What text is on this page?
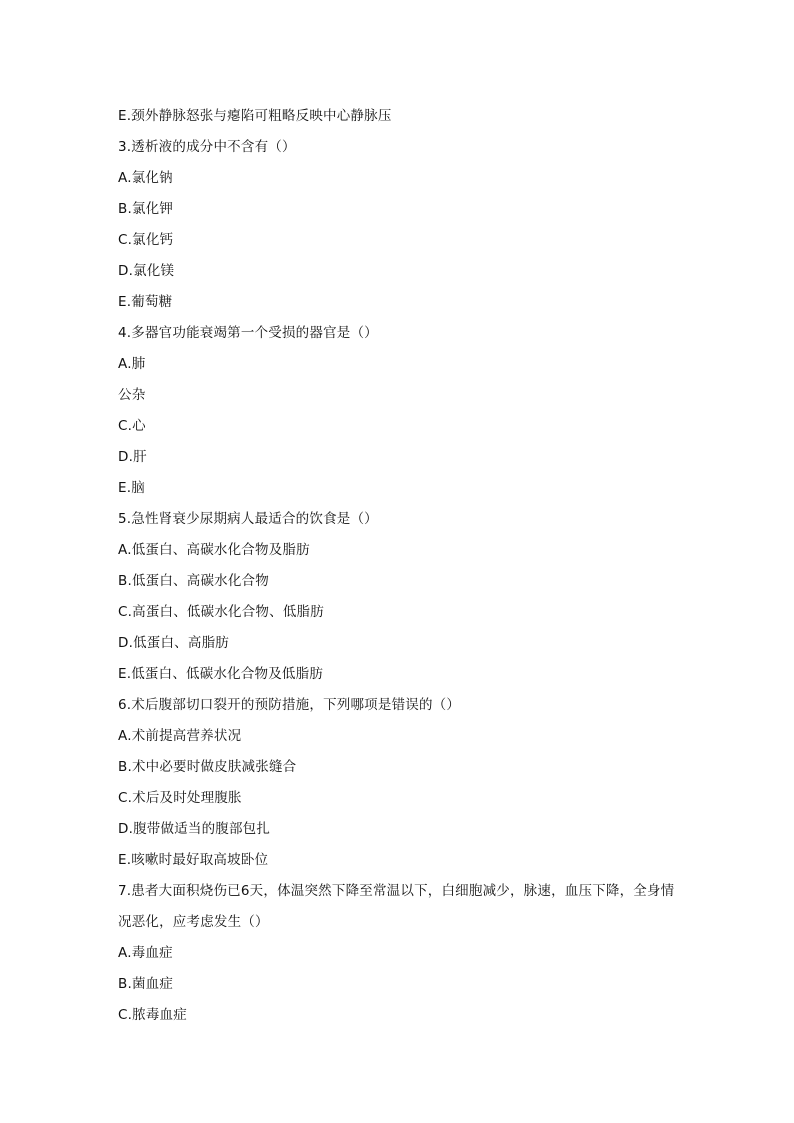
E.颈外静脉怒张与瘪陷可粗略反映中心静脉压
3.透析液的成分中不含有（）
A.氯化钠
B.氯化钾
C.氯化钙
D.氯化镁
E.葡萄糖
4.多器官功能衰竭第一个受损的器官是（）
A.肺
公杂
C.心
D.肝
E.脑
5.急性肾衰少尿期病人最适合的饮食是（）
A.低蛋白、高碳水化合物及脂肪
B.低蛋白、高碳水化合物
C.高蛋白、低碳水化合物、低脂肪
D.低蛋白、高脂肪
E.低蛋白、低碳水化合物及低脂肪
6.术后腹部切口裂开的预防措施，下列哪项是错误的（）
A.术前提高营养状况
B.术中必要时做皮肤减张缝合
C.术后及时处理腹胀
D.腹带做适当的腹部包扎
E.咳嗽时最好取高坡卧位
7.患者大面积烧伤已6天，体温突然下降至常温以下，白细胞减少，脉速，血压下降，全身情况恶化，应考虑发生（）
A.毒血症
B.菌血症
C.脓毒血症
